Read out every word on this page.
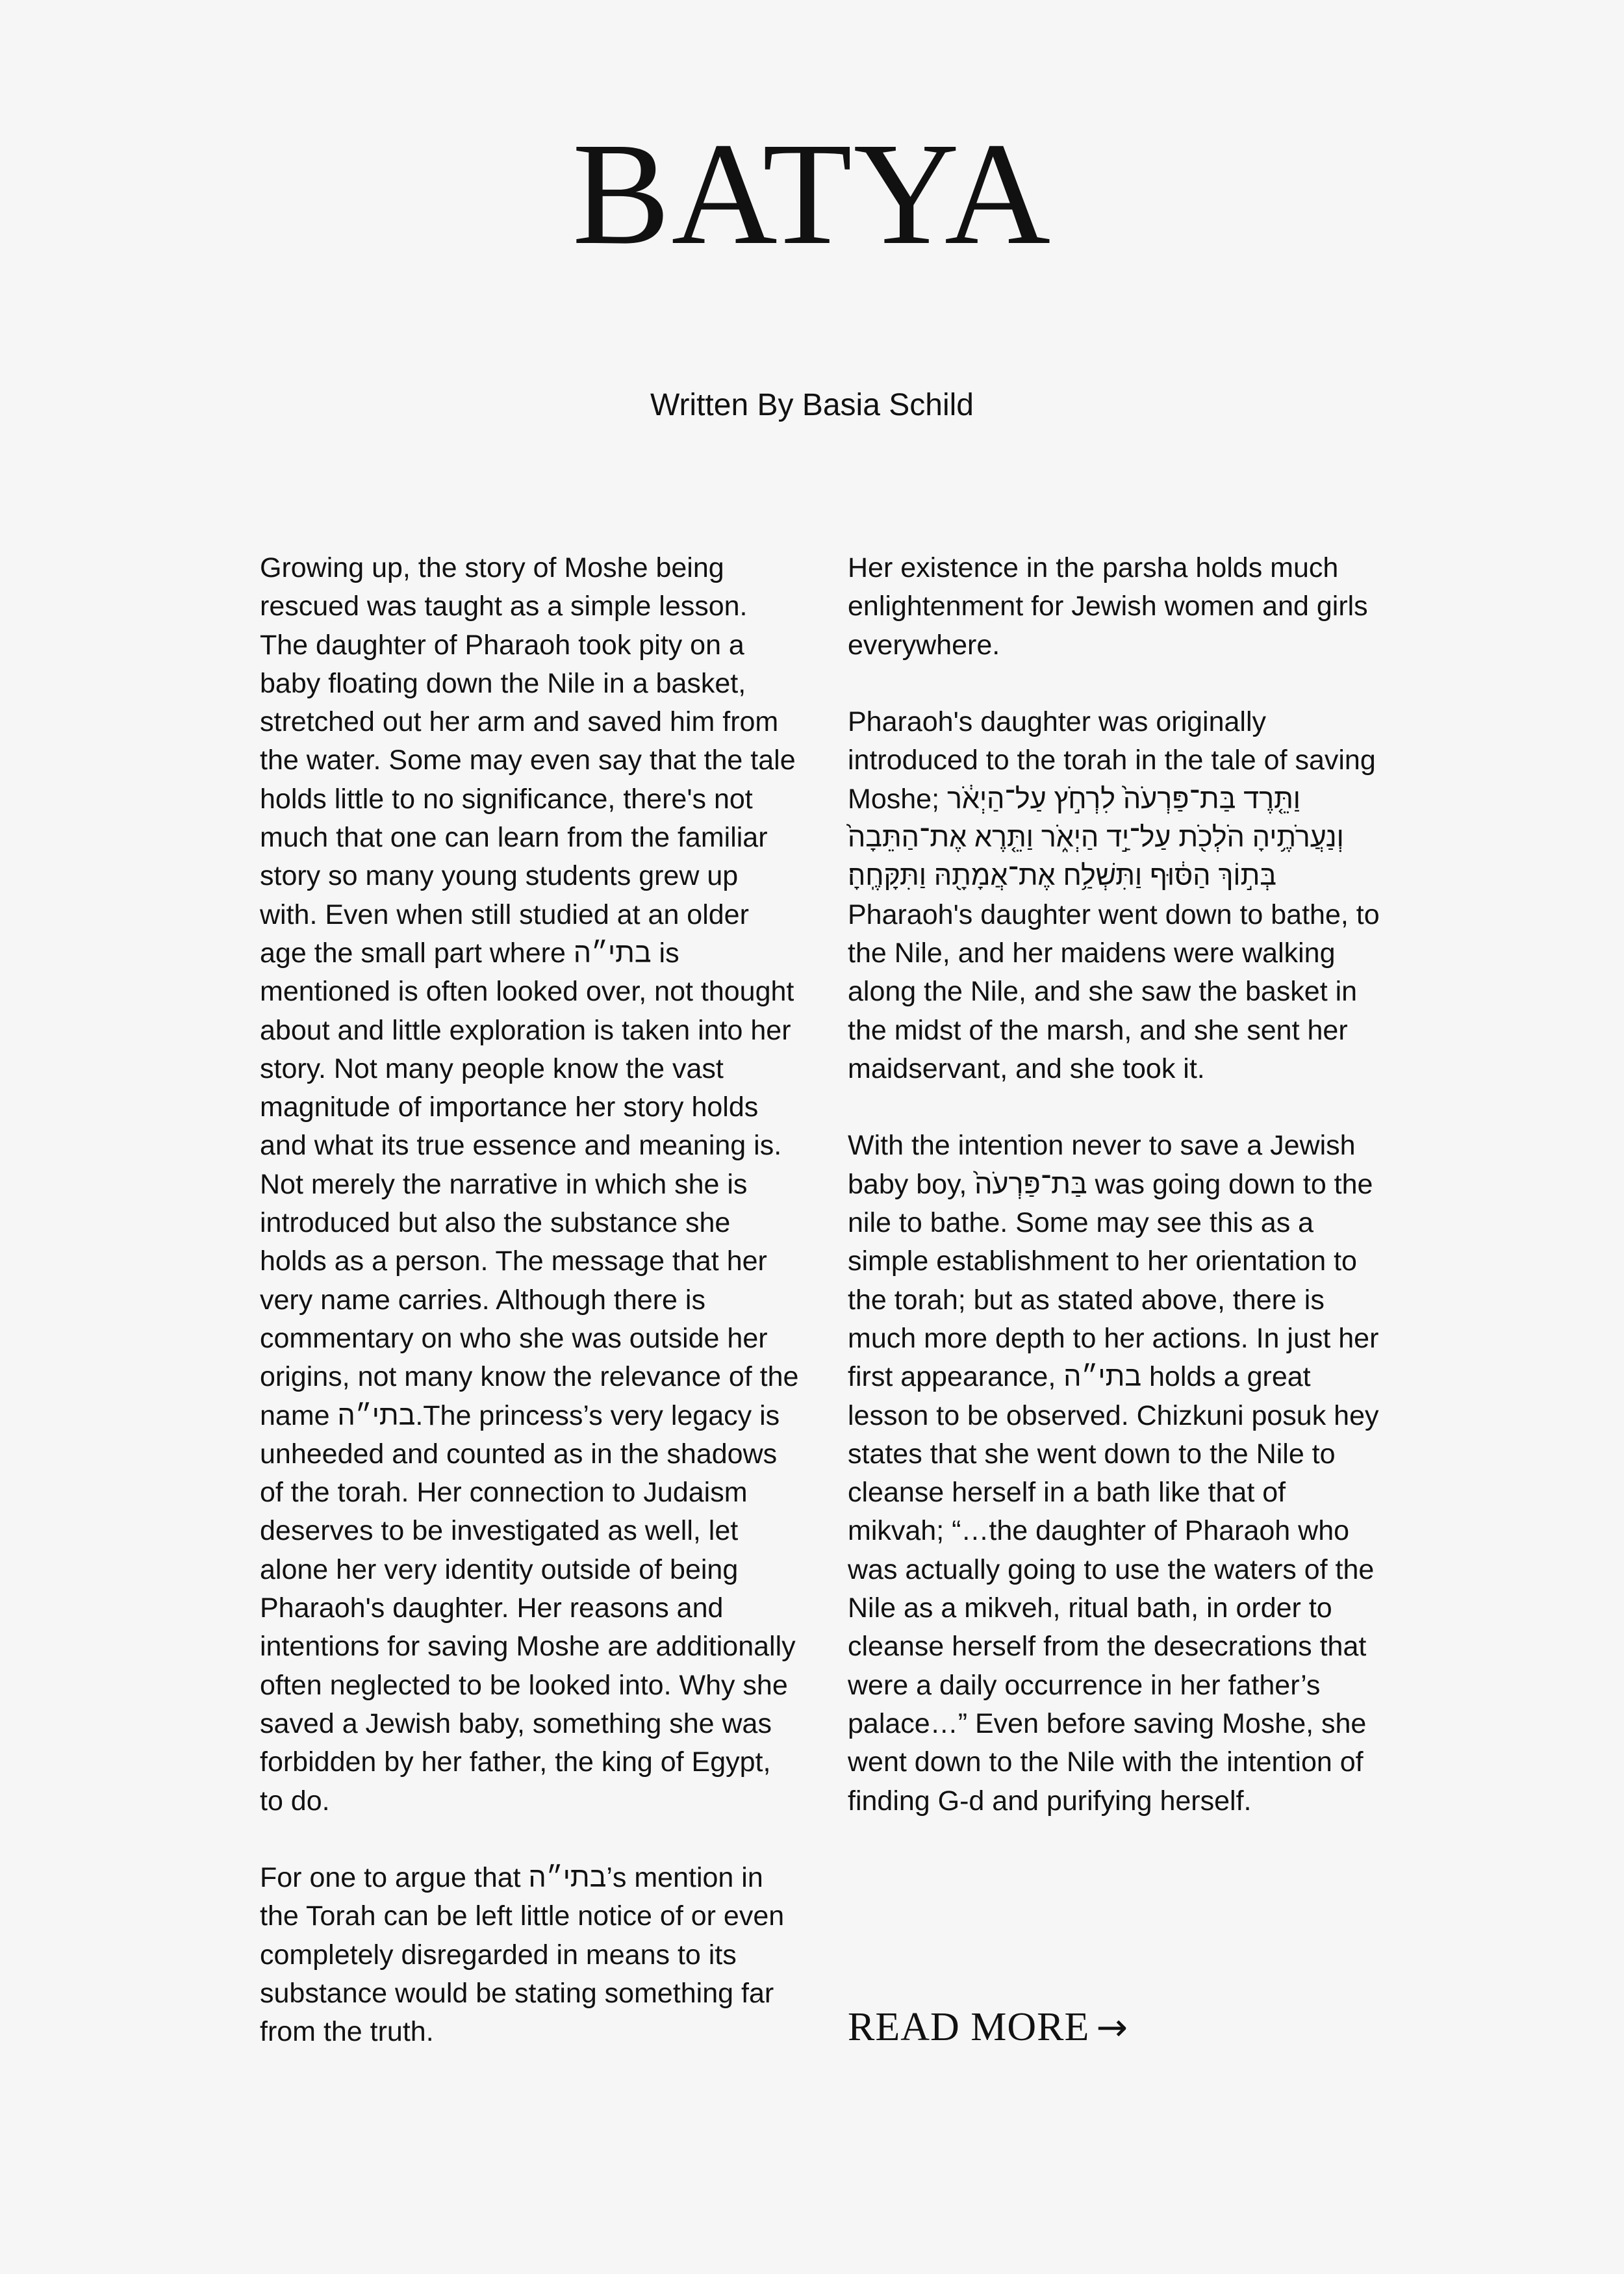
BATYA

Written By Basia Schild

Growing up, the story of Moshe being rescued was taught as a simple lesson. The daughter of Pharaoh took pity on a baby floating down the Nile in a basket, stretched out her arm and saved him from the water. Some may even say that the tale holds little to no significance, there's not much that one can learn from the familiar story so many young students grew up with. Even when still studied at an older age the small part where בתי״ה is mentioned is often looked over, not thought about and little exploration is taken into her story. Not many people know the vast magnitude of importance her story holds and what its true essence and meaning is. Not merely the narrative in which she is introduced but also the substance she holds as a person. The message that her very name carries. Although there is commentary on who she was outside her origins, not many know the relevance of the name בתי״ה.The princess’s very legacy is unheeded and counted as in the shadows of the torah. Her connection to Judaism deserves to be investigated as well, let alone her very identity outside of being Pharaoh's daughter. Her reasons and intentions for saving Moshe are additionally often neglected to be looked into. Why she saved a Jewish baby, something she was forbidden by her father, the king of Egypt, to do.

For one to argue that בתי״ה’s mention in the Torah can be left little notice of or even completely disregarded in means to its substance would be stating something far from the truth.

Her existence in the parsha holds much enlightenment for Jewish women and girls everywhere.

Pharaoh's daughter was originally introduced to the torah in the tale of saving Moshe; וַתֵּ֤רֶד בַּת־פַּרְעֹה֙ לִרְחֹ֣ץ עַל־הַיְאֹ֔ר וְנַעֲרֹתֶ֥יהָ הֹלְכֹ֖ת עַל־יַ֣ד הַיְאֹ֑ר וַתֵּ֤רֶא אֶת־הַתֵּבָה֙ בְּת֣וֹךְ הַסּ֔וּף וַתִּשְׁלַ֥ח אֶת־אֲמָתָ֖הּ וַתִּקָּחֶֽהָ׃

Pharaoh's daughter went down to bathe, to the Nile, and her maidens were walking along the Nile, and she saw the basket in the midst of the marsh, and she sent her maidservant, and she took it.

With the intention never to save a Jewish baby boy, בַּת־פַּרְעֹה֙ was going down to the nile to bathe. Some may see this as a simple establishment to her orientation to the torah; but as stated above, there is much more depth to her actions. In just her first appearance, בתי״ה holds a great lesson to be observed. Chizkuni posuk hey states that she went down to the Nile to cleanse herself in a bath like that of mikvah; “…the daughter of Pharaoh who was actually going to use the waters of the Nile as a mikveh, ritual bath, in order to cleanse herself from the desecrations that were a daily occurrence in her father’s palace…” Even before saving Moshe, she went down to the Nile with the intention of finding G-d and purifying herself.

READ MORE →
